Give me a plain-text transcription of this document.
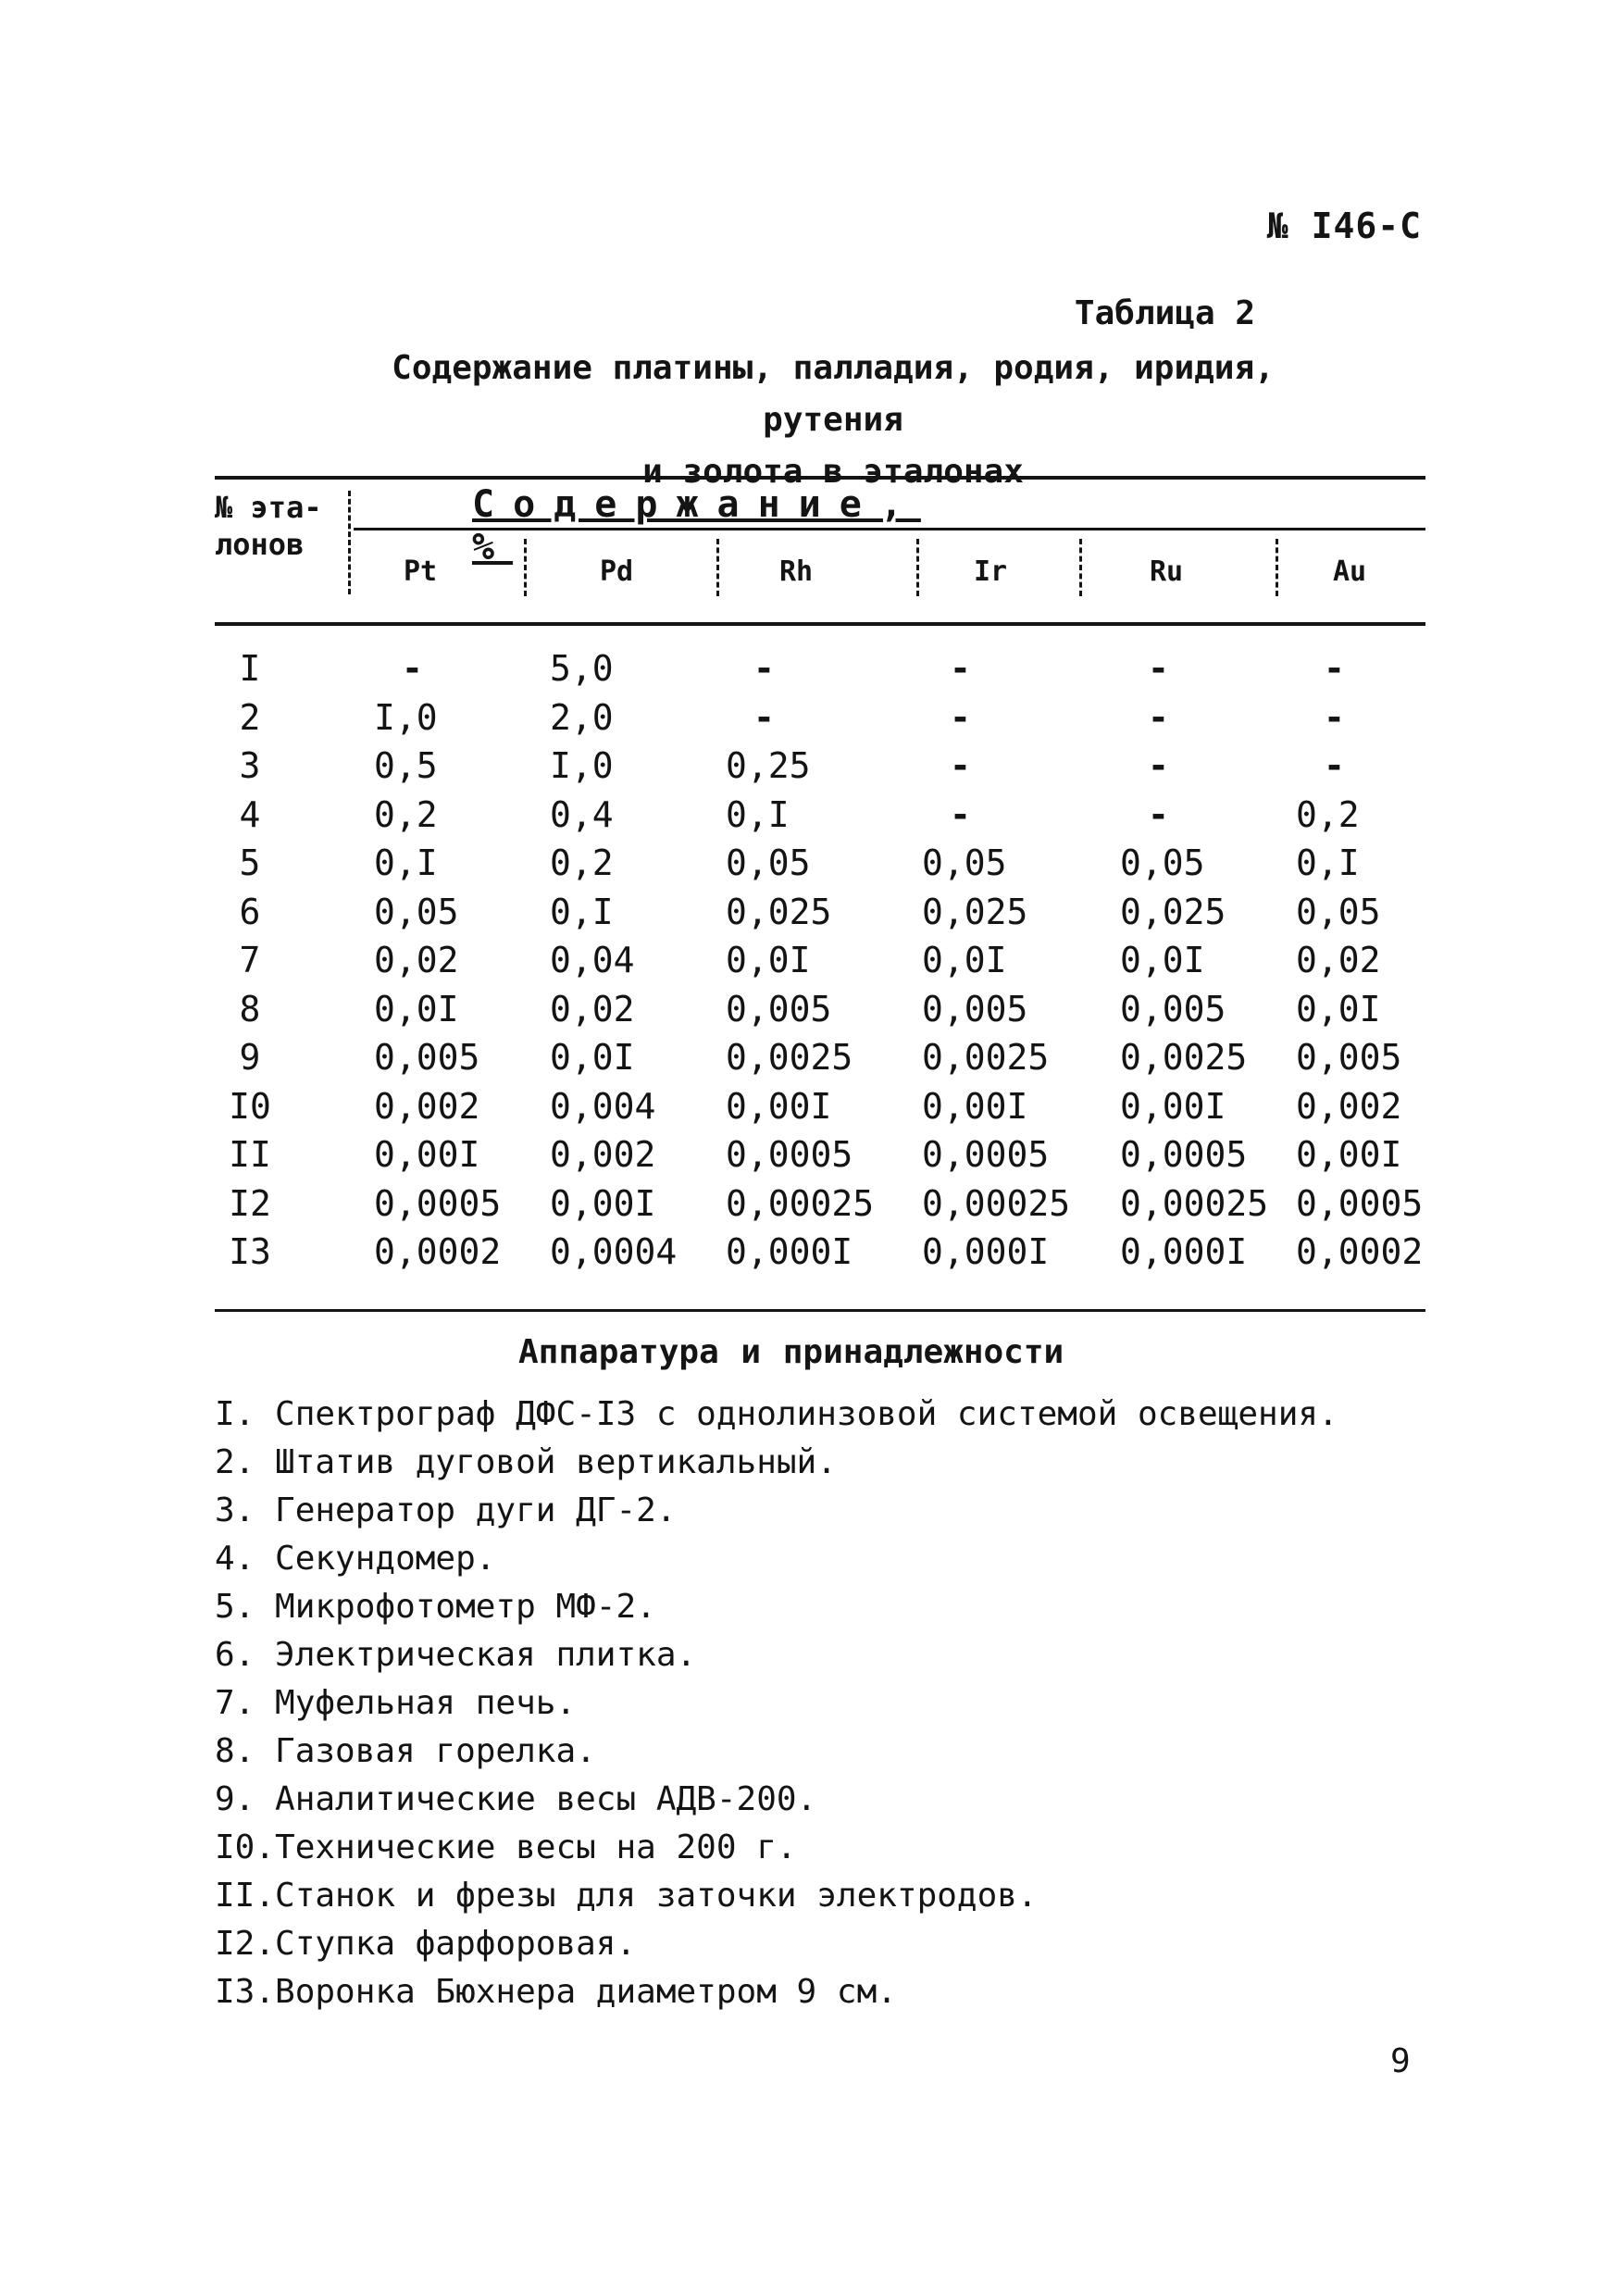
№ I46-С
Таблица 2
Содержание платины, палладия, родия, иридия, рутения
и золота в эталонах
№ эта-
лонов
Содержание, %
Pt	Pd	Rh	Ir	Ru	Au
I	-	5,0	-	-	-	-
2	I,0	2,0	-	-	-	-
3	0,5	I,0	0,25	-	-	-
4	0,2	0,4	0,I	-	-	0,2
5	0,I	0,2	0,05	0,05	0,05	0,I
6	0,05	0,I	0,025	0,025	0,025 0,05
7	0,02	0,04	0,0I	0,0I	0,0I	0,02
8	0,0I	0,02	0,005	0,005	0,005 0,0I
9	0,005 0,0I	0,0025 0,0025 0,0025 0,005
I0	0,002 0,004 0,00I	0,00I	0,00I 0,002
II	0,00I 0,002 0,0005 0,0005 0,0005 0,00I
I2	0,0005 0,00I 0,00025 0,00025 0,00025 0,0005
I3	0,0002 0,0004 0,000I 0,000I 0,000I 0,0002
Аппаратура и принадлежности
I. Спектрограф ДФС-I3 с однолинзовой системой освещения.
2. Штатив дуговой вертикальный.
3. Генератор дуги ДГ-2.
4. Секундомер.
5. Микрофотометр МФ-2.
6. Электрическая плитка.
7. Муфельная печь.
8. Газовая горелка.
9. Аналитические весы АДВ-200.
I0.Технические весы на 200 г.
II.Станок и фрезы для заточки электродов.
I2.Ступка фарфоровая.
I3.Воронка Бюхнера диаметром 9 см.
9
